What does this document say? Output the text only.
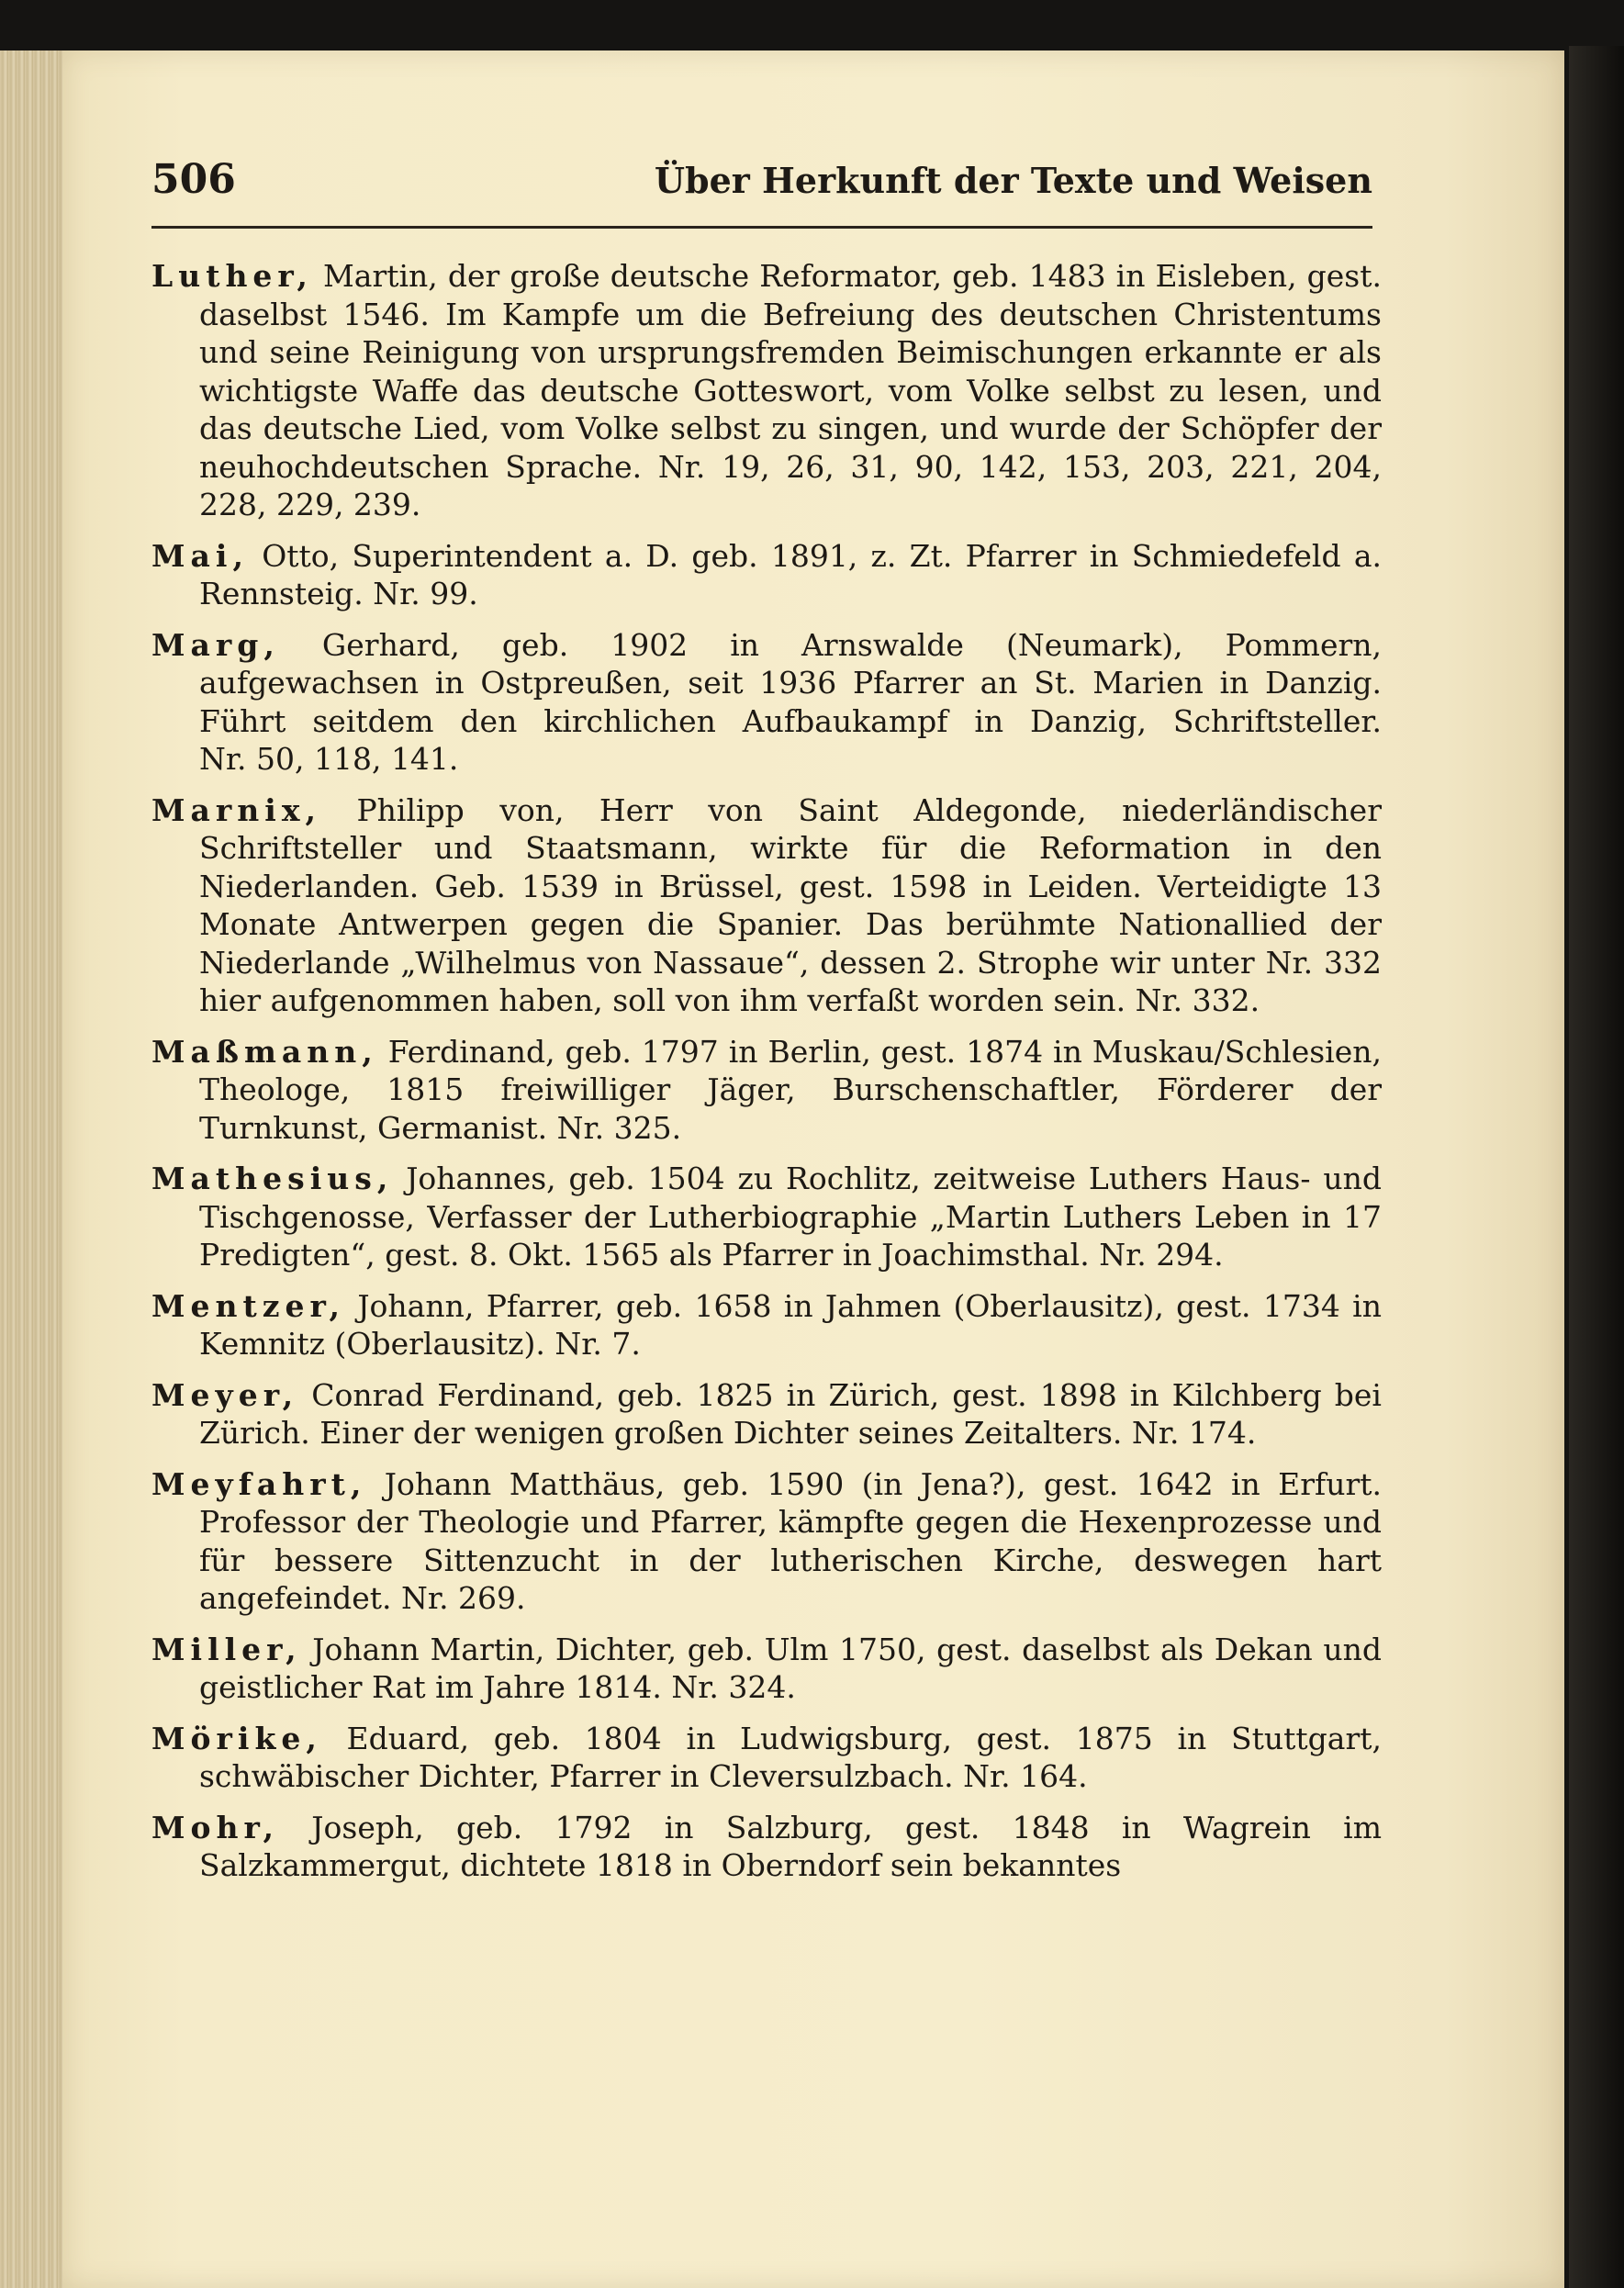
506	Über Herkunft der Texte und Weisen

Luther, Martin, der große deutsche Reformator, geb. 1483 in Eisleben, gest. daselbst 1546. Im Kampfe um die Befreiung des deutschen Christentums und seine Reinigung von ursprungsfremden Beimischungen erkannte er als wichtigste Waffe das deutsche Gotteswort, vom Volke selbst zu lesen, und das deutsche Lied, vom Volke selbst zu singen, und wurde der Schöpfer der neuhochdeutschen Sprache. Nr. 19, 26, 31, 90, 142, 153, 203, 221, 204, 228, 229, 239.

Mai, Otto, Superintendent a. D. geb. 1891, z. Zt. Pfarrer in Schmiedefeld a. Rennsteig. Nr. 99.

Marg, Gerhard, geb. 1902 in Arnswalde (Neumark), Pommern, aufgewachsen in Ostpreußen, seit 1936 Pfarrer an St. Marien in Danzig. Führt seitdem den kirchlichen Aufbaukampf in Danzig, Schriftsteller. Nr. 50, 118, 141.

Marnix, Philipp von, Herr von Saint Aldegonde, niederländischer Schriftsteller und Staatsmann, wirkte für die Reformation in den Niederlanden. Geb. 1539 in Brüssel, gest. 1598 in Leiden. Verteidigte 13 Monate Antwerpen gegen die Spanier. Das berühmte Nationallied der Niederlande „Wilhelmus von Nassaue“, dessen 2. Strophe wir unter Nr. 332 hier aufgenommen haben, soll von ihm verfaßt worden sein. Nr. 332.

Maßmann, Ferdinand, geb. 1797 in Berlin, gest. 1874 in Muskau/Schlesien, Theologe, 1815 freiwilliger Jäger, Burschenschaftler, Förderer der Turnkunst, Germanist. Nr. 325.

Mathesius, Johannes, geb. 1504 zu Rochlitz, zeitweise Luthers Haus- und Tischgenosse, Verfasser der Lutherbiographie „Martin Luthers Leben in 17 Predigten“, gest. 8. Okt. 1565 als Pfarrer in Joachimsthal. Nr. 294.

Mentzer, Johann, Pfarrer, geb. 1658 in Jahmen (Oberlausitz), gest. 1734 in Kemnitz (Oberlausitz). Nr. 7.

Meyer, Conrad Ferdinand, geb. 1825 in Zürich, gest. 1898 in Kilchberg bei Zürich. Einer der wenigen großen Dichter seines Zeitalters. Nr. 174.

Meyfahrt, Johann Matthäus, geb. 1590 (in Jena?), gest. 1642 in Erfurt. Professor der Theologie und Pfarrer, kämpfte gegen die Hexenprozesse und für bessere Sittenzucht in der lutherischen Kirche, deswegen hart angefeindet. Nr. 269.

Miller, Johann Martin, Dichter, geb. Ulm 1750, gest. daselbst als Dekan und geistlicher Rat im Jahre 1814. Nr. 324.

Mörike, Eduard, geb. 1804 in Ludwigsburg, gest. 1875 in Stuttgart, schwäbischer Dichter, Pfarrer in Cleversulzbach. Nr. 164.

Mohr, Joseph, geb. 1792 in Salzburg, gest. 1848 in Wagrein im Salzkammergut, dichtete 1818 in Oberndorf sein bekanntes
